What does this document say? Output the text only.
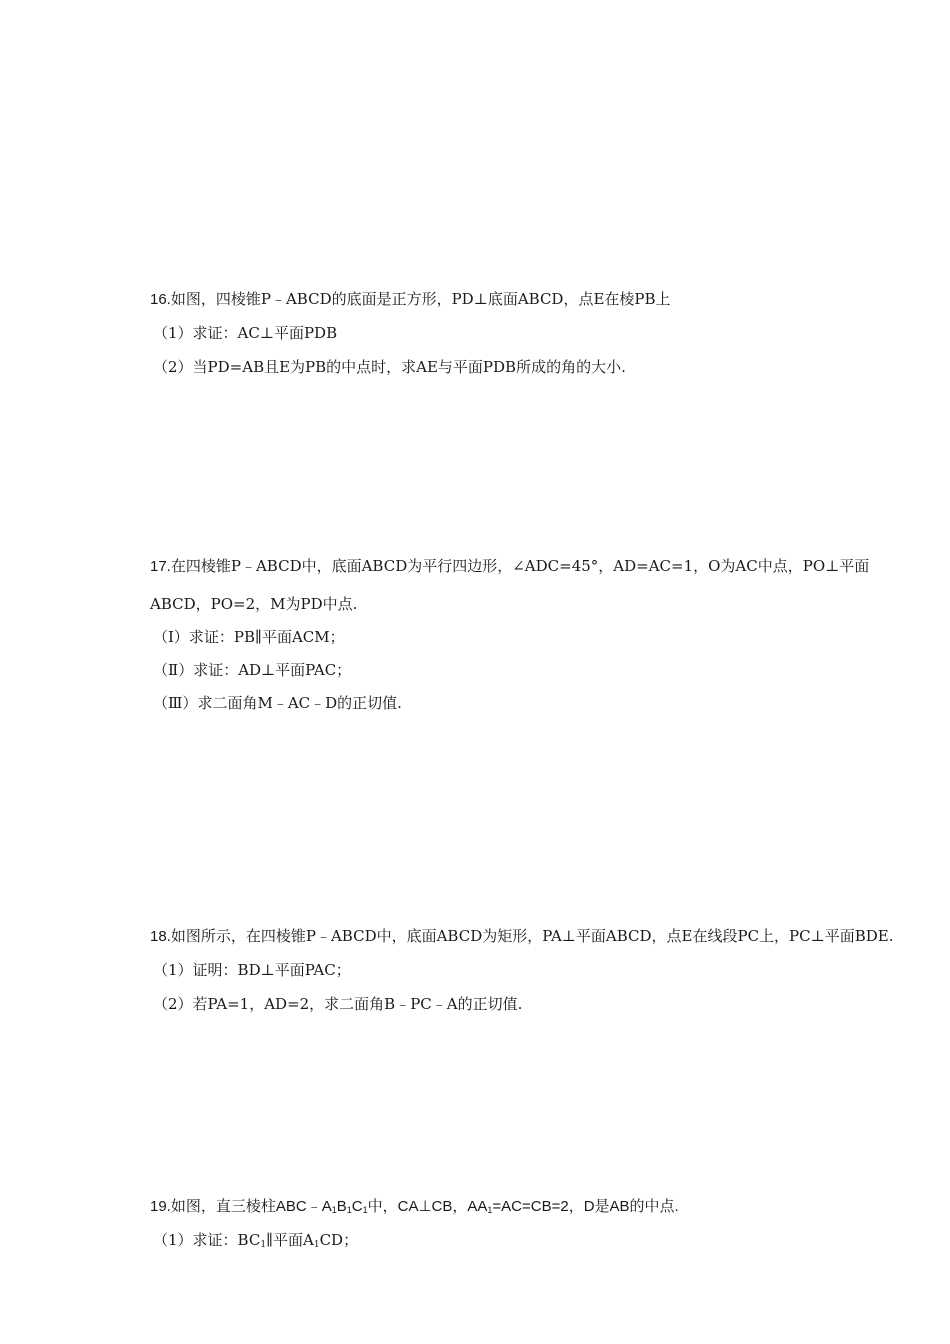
16.如图，四棱锥P﹣ABCD的底面是正方形，PD⊥底面ABCD，点E在棱PB上
（1）求证：AC⊥平面PDB
（2）当PD=AB且E为PB的中点时，求AE与平面PDB所成的角的大小.
17.在四棱锥P﹣ABCD中，底面ABCD为平行四边形，∠ADC=45°，AD=AC=1，O为AC中点，PO⊥平面
ABCD，PO=2，M为PD中点.
（Ⅰ）求证：PB∥平面ACM；
（Ⅱ）求证：AD⊥平面PAC；
（Ⅲ）求二面角M﹣AC﹣D的正切值.
18.如图所示，在四棱锥P﹣ABCD中，底面ABCD为矩形，PA⊥平面ABCD，点E在线段PC上，PC⊥平面BDE.
（1）证明：BD⊥平面PAC；
（2）若PA=1，AD=2，求二面角B﹣PC﹣A的正切值.
19.如图，直三棱柱$ABC﹣A_1B_1C_1$中，CA⊥CB，$AA_1=AC=CB=2$，D是AB的中点.
（1）求证：$BC_1\parallel$平面$A_1CD$；
